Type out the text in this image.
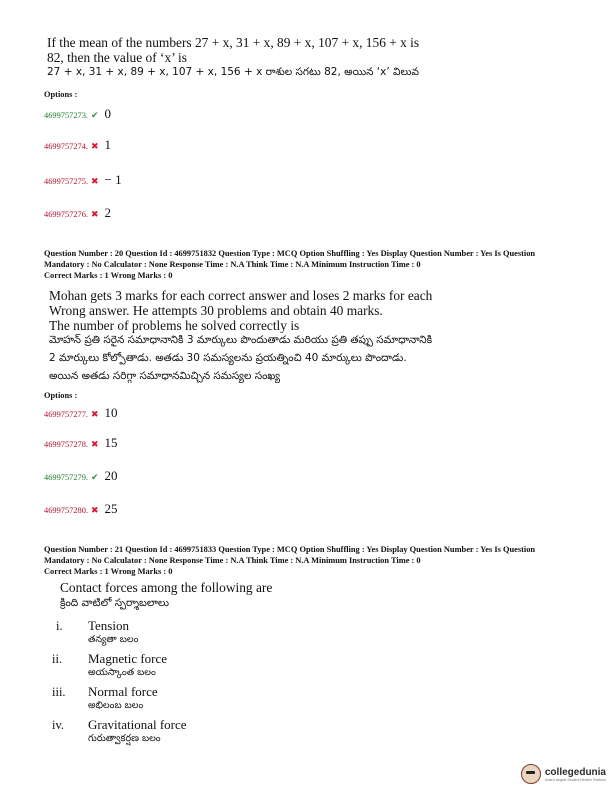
If the mean of the numbers 27 + x, 31 + x, 89 + x, 107 + x, 156 + x is
82, then the value of ‘x’ is
27 + x, 31 + x, 89 + x, 107 + x, 156 + x రాశుల సగటు 82, అయిన ‘x’ విలువ
Options :
4699757273. ✔ 0
4699757274. ✖ 1
4699757275. ✖ − 1
4699757276. ✖ 2
Question Number : 20 Question Id : 4699751832 Question Type : MCQ Option Shuffling : Yes Display Question Number : Yes Is Question
Mandatory : No Calculator : None Response Time : N.A Think Time : N.A Minimum Instruction Time : 0
Correct Marks : 1 Wrong Marks : 0
Mohan gets 3 marks for each correct answer and loses 2 marks for each
Wrong answer. He attempts 30 problems and obtain 40 marks.
The number of problems he solved correctly is
మోహన్ ప్రతి సరైన సమాధానానికి 3 మార్కులు పొందుతాడు మరియు ప్రతి తప్పు సమాధానానికి
2 మార్కులు కోల్పోతాడు. అతడు 30 సమస్యలను ప్రయత్నించి 40 మార్కులు పొందాడు.
అయిన అతడు సరిగ్గా సమాధానమిచ్చిన సమస్యల సంఖ్య
Options :
4699757277. ✖ 10
4699757278. ✖ 15
4699757279. ✔ 20
4699757280. ✖ 25
Question Number : 21 Question Id : 4699751833 Question Type : MCQ Option Shuffling : Yes Display Question Number : Yes Is Question
Mandatory : No Calculator : None Response Time : N.A Think Time : N.A Minimum Instruction Time : 0
Correct Marks : 1 Wrong Marks : 0
Contact forces among the following are
క్రింది వాటిలో స్పర్శాబలాలు
i. Tension
తన్యతా బలం
ii. Magnetic force
అయస్కాంత బలం
iii. Normal force
అభిలంబ బలం
iv. Gravitational force
గురుత్వాకర్షణ బలం
collegedunia
India's largest Student Review Platform
